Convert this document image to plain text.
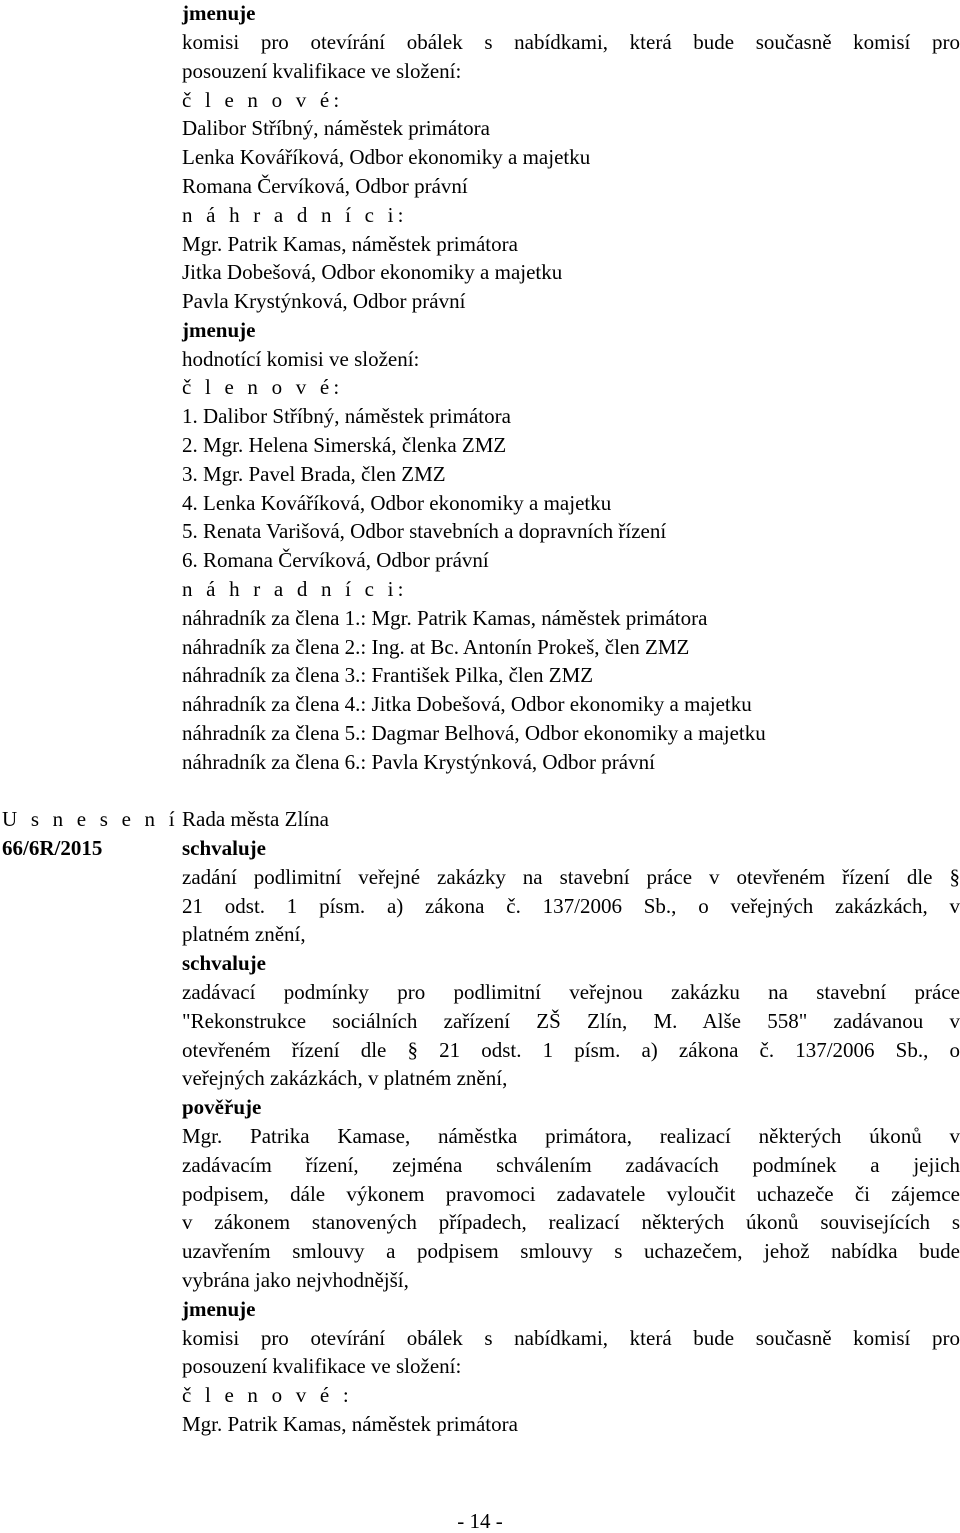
jmenuje
komisi pro otevírání obálek s nabídkami, která bude současně komisí pro
posouzení kvalifikace ve složení:
č l e n o v é:
Dalibor Stříbný, náměstek primátora
Lenka Kováříková, Odbor ekonomiky a majetku
Romana Červíková, Odbor právní
n á h r a d n í c i:
Mgr. Patrik Kamas, náměstek primátora
Jitka Dobešová, Odbor ekonomiky a majetku
Pavla Krystýnková, Odbor právní
jmenuje
hodnotící komisi ve složení:
č l e n o v é:
1. Dalibor Stříbný, náměstek primátora
2. Mgr. Helena Simerská, členka ZMZ
3. Mgr. Pavel Brada, člen ZMZ
4. Lenka Kováříková, Odbor ekonomiky a majetku
5. Renata Varišová, Odbor stavebních a dopravních řízení
6. Romana Červíková, Odbor právní
n á h r a d n í c i:
náhradník za člena 1.: Mgr. Patrik Kamas, náměstek primátora
náhradník za člena 2.: Ing. at Bc. Antonín Prokeš, člen ZMZ
náhradník za člena 3.: František Pilka, člen ZMZ
náhradník za člena 4.: Jitka Dobešová, Odbor ekonomiky a majetku
náhradník za člena 5.: Dagmar Belhová, Odbor ekonomiky a majetku
náhradník za člena 6.: Pavla Krystýnková, Odbor právní
U s n e s e n í
66/6R/2015
Rada města Zlína
schvaluje
zadání podlimitní veřejné zakázky na stavební práce v otevřeném řízení dle §
21 odst. 1 písm. a) zákona č. 137/2006 Sb., o veřejných zakázkách, v
platném znění,
schvaluje
zadávací podmínky pro podlimitní veřejnou zakázku na stavební práce
"Rekonstrukce sociálních zařízení ZŠ Zlín, M. Alše 558" zadávanou v
otevřeném řízení dle § 21 odst. 1 písm. a) zákona č. 137/2006 Sb., o
veřejných zakázkách, v platném znění,
pověřuje
Mgr. Patrika Kamase, náměstka primátora, realizací některých úkonů v
zadávacím řízení, zejména schválením zadávacích podmínek a jejich
podpisem, dále výkonem pravomoci zadavatele vyloučit uchazeče či zájemce
v zákonem stanovených případech, realizací některých úkonů souvisejících s
uzavřením smlouvy a podpisem smlouvy s uchazečem, jehož nabídka bude
vybrána jako nejvhodnější,
jmenuje
komisi pro otevírání obálek s nabídkami, která bude současně komisí pro
posouzení kvalifikace ve složení:
č l e n o v é :
Mgr. Patrik Kamas, náměstek primátora
- 14 -
